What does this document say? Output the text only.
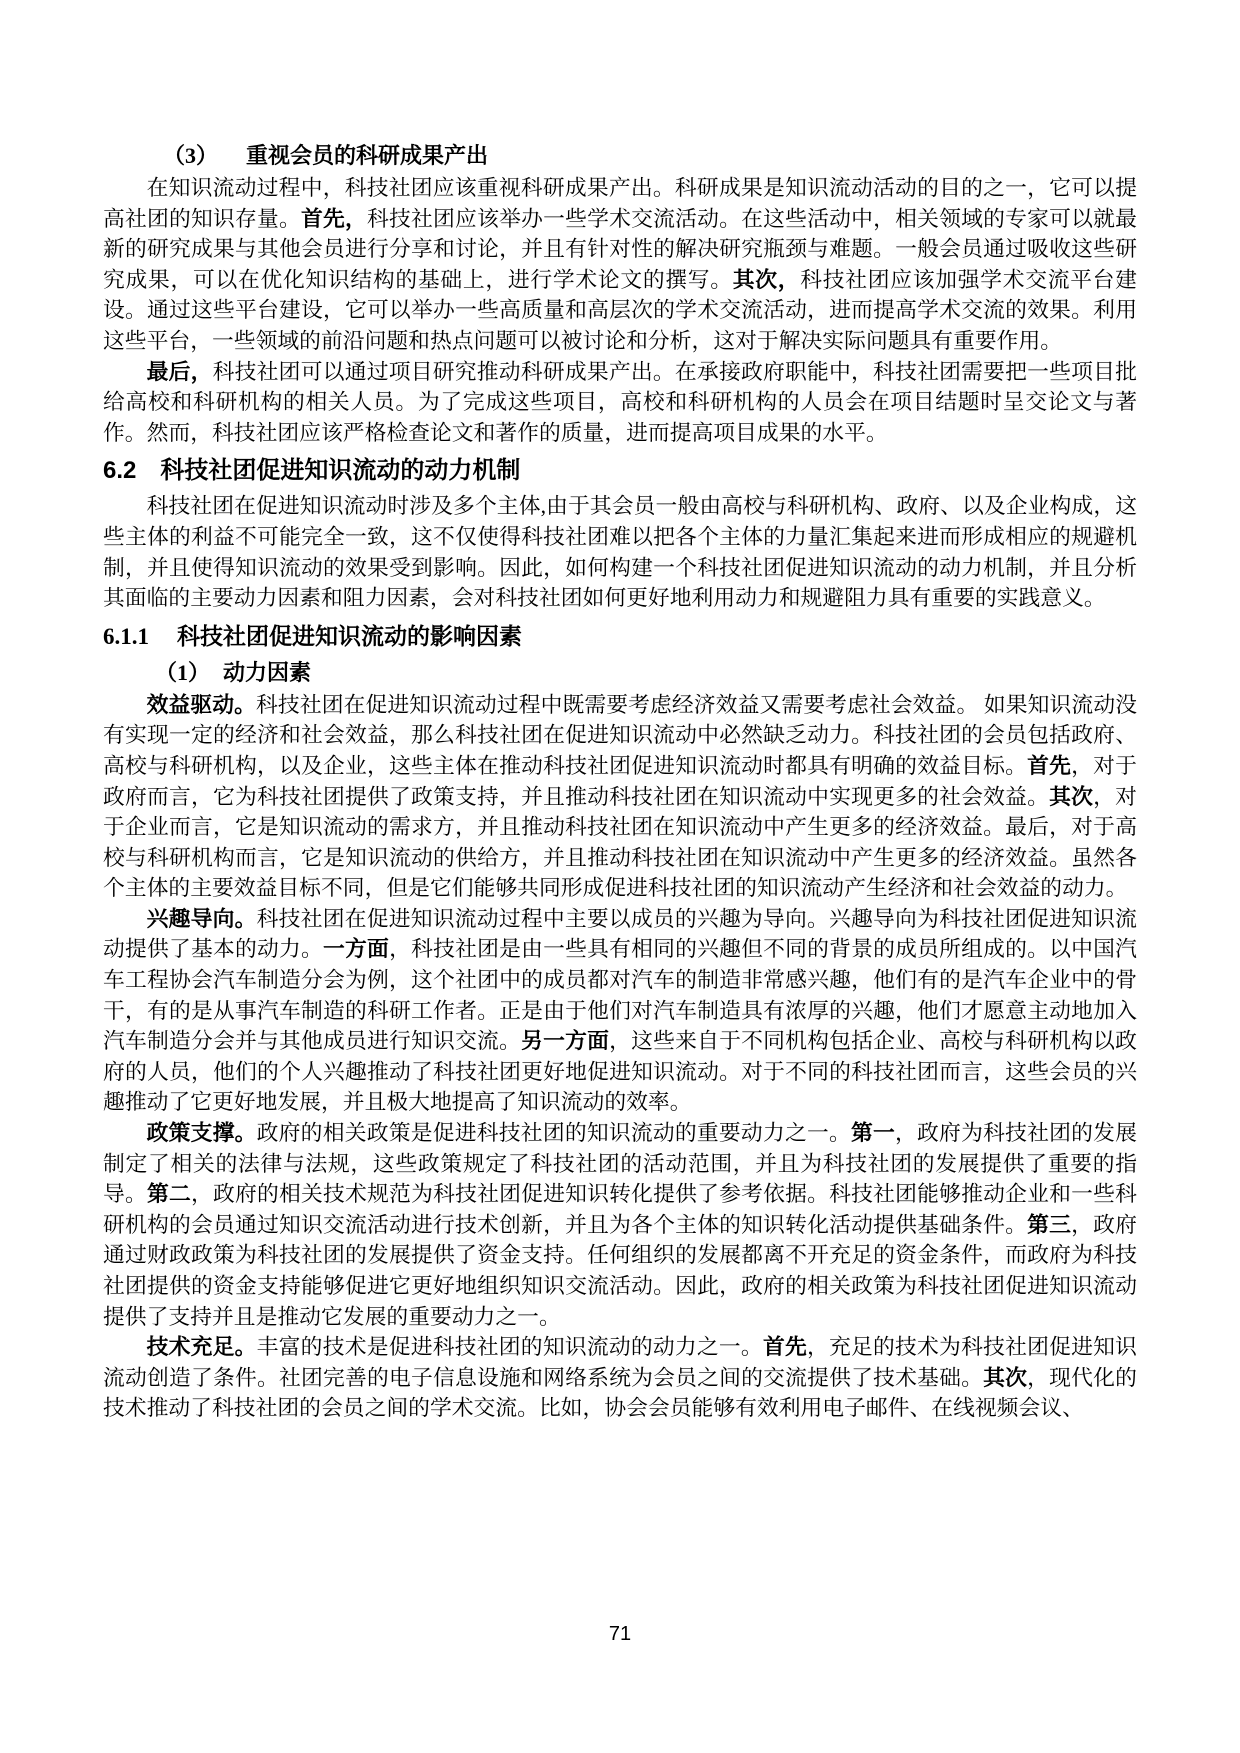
（3） 重视会员的科研成果产出

在知识流动过程中，科技社团应该重视科研成果产出。科研成果是知识流动活动的目的之一，它可以提高社团的知识存量。首先，科技社团应该举办一些学术交流活动。在这些活动中，相关领域的专家可以就最新的研究成果与其他会员进行分享和讨论，并且有针对性的解决研究瓶颈与难题。一般会员通过吸收这些研究成果，可以在优化知识结构的基础上，进行学术论文的撰写。其次，科技社团应该加强学术交流平台建设。通过这些平台建设，它可以举办一些高质量和高层次的学术交流活动，进而提高学术交流的效果。利用这些平台，一些领域的前沿问题和热点问题可以被讨论和分析，这对于解决实际问题具有重要作用。

最后，科技社团可以通过项目研究推动科研成果产出。在承接政府职能中，科技社团需要把一些项目批给高校和科研机构的相关人员。为了完成这些项目，高校和科研机构的人员会在项目结题时呈交论文与著作。然而，科技社团应该严格检查论文和著作的质量，进而提高项目成果的水平。

6.2 科技社团促进知识流动的动力机制

科技社团在促进知识流动时涉及多个主体,由于其会员一般由高校与科研机构、政府、以及企业构成，这些主体的利益不可能完全一致，这不仅使得科技社团难以把各个主体的力量汇集起来进而形成相应的规避机制，并且使得知识流动的效果受到影响。因此，如何构建一个科技社团促进知识流动的动力机制，并且分析其面临的主要动力因素和阻力因素，会对科技社团如何更好地利用动力和规避阻力具有重要的实践意义。

6.1.1 科技社团促进知识流动的影响因素
（1） 动力因素

效益驱动。科技社团在促进知识流动过程中既需要考虑经济效益又需要考虑社会效益。 如果知识流动没有实现一定的经济和社会效益，那么科技社团在促进知识流动中必然缺乏动力。科技社团的会员包括政府、高校与科研机构，以及企业，这些主体在推动科技社团促进知识流动时都具有明确的效益目标。首先，对于政府而言，它为科技社团提供了政策支持，并且推动科技社团在知识流动中实现更多的社会效益。其次，对于企业而言，它是知识流动的需求方，并且推动科技社团在知识流动中产生更多的经济效益。最后，对于高校与科研机构而言，它是知识流动的供给方，并且推动科技社团在知识流动中产生更多的经济效益。虽然各个主体的主要效益目标不同，但是它们能够共同形成促进科技社团的知识流动产生经济和社会效益的动力。

兴趣导向。科技社团在促进知识流动过程中主要以成员的兴趣为导向。兴趣导向为科技社团促进知识流动提供了基本的动力。一方面，科技社团是由一些具有相同的兴趣但不同的背景的成员所组成的。以中国汽车工程协会汽车制造分会为例，这个社团中的成员都对汽车的制造非常感兴趣，他们有的是汽车企业中的骨干，有的是从事汽车制造的科研工作者。正是由于他们对汽车制造具有浓厚的兴趣，他们才愿意主动地加入汽车制造分会并与其他成员进行知识交流。另一方面，这些来自于不同机构包括企业、高校与科研机构以政府的人员，他们的个人兴趣推动了科技社团更好地促进知识流动。对于不同的科技社团而言，这些会员的兴趣推动了它更好地发展，并且极大地提高了知识流动的效率。

政策支撑。政府的相关政策是促进科技社团的知识流动的重要动力之一。第一，政府为科技社团的发展制定了相关的法律与法规，这些政策规定了科技社团的活动范围，并且为科技社团的发展提供了重要的指导。第二，政府的相关技术规范为科技社团促进知识转化提供了参考依据。科技社团能够推动企业和一些科研机构的会员通过知识交流活动进行技术创新，并且为各个主体的知识转化活动提供基础条件。第三，政府通过财政政策为科技社团的发展提供了资金支持。任何组织的发展都离不开充足的资金条件，而政府为科技社团提供的资金支持能够促进它更好地组织知识交流活动。因此，政府的相关政策为科技社团促进知识流动提供了支持并且是推动它发展的重要动力之一。

技术充足。丰富的技术是促进科技社团的知识流动的动力之一。首先，充足的技术为科技社团促进知识流动创造了条件。社团完善的电子信息设施和网络系统为会员之间的交流提供了技术基础。其次，现代化的技术推动了科技社团的会员之间的学术交流。比如，协会会员能够有效利用电子邮件、在线视频会议、

71
